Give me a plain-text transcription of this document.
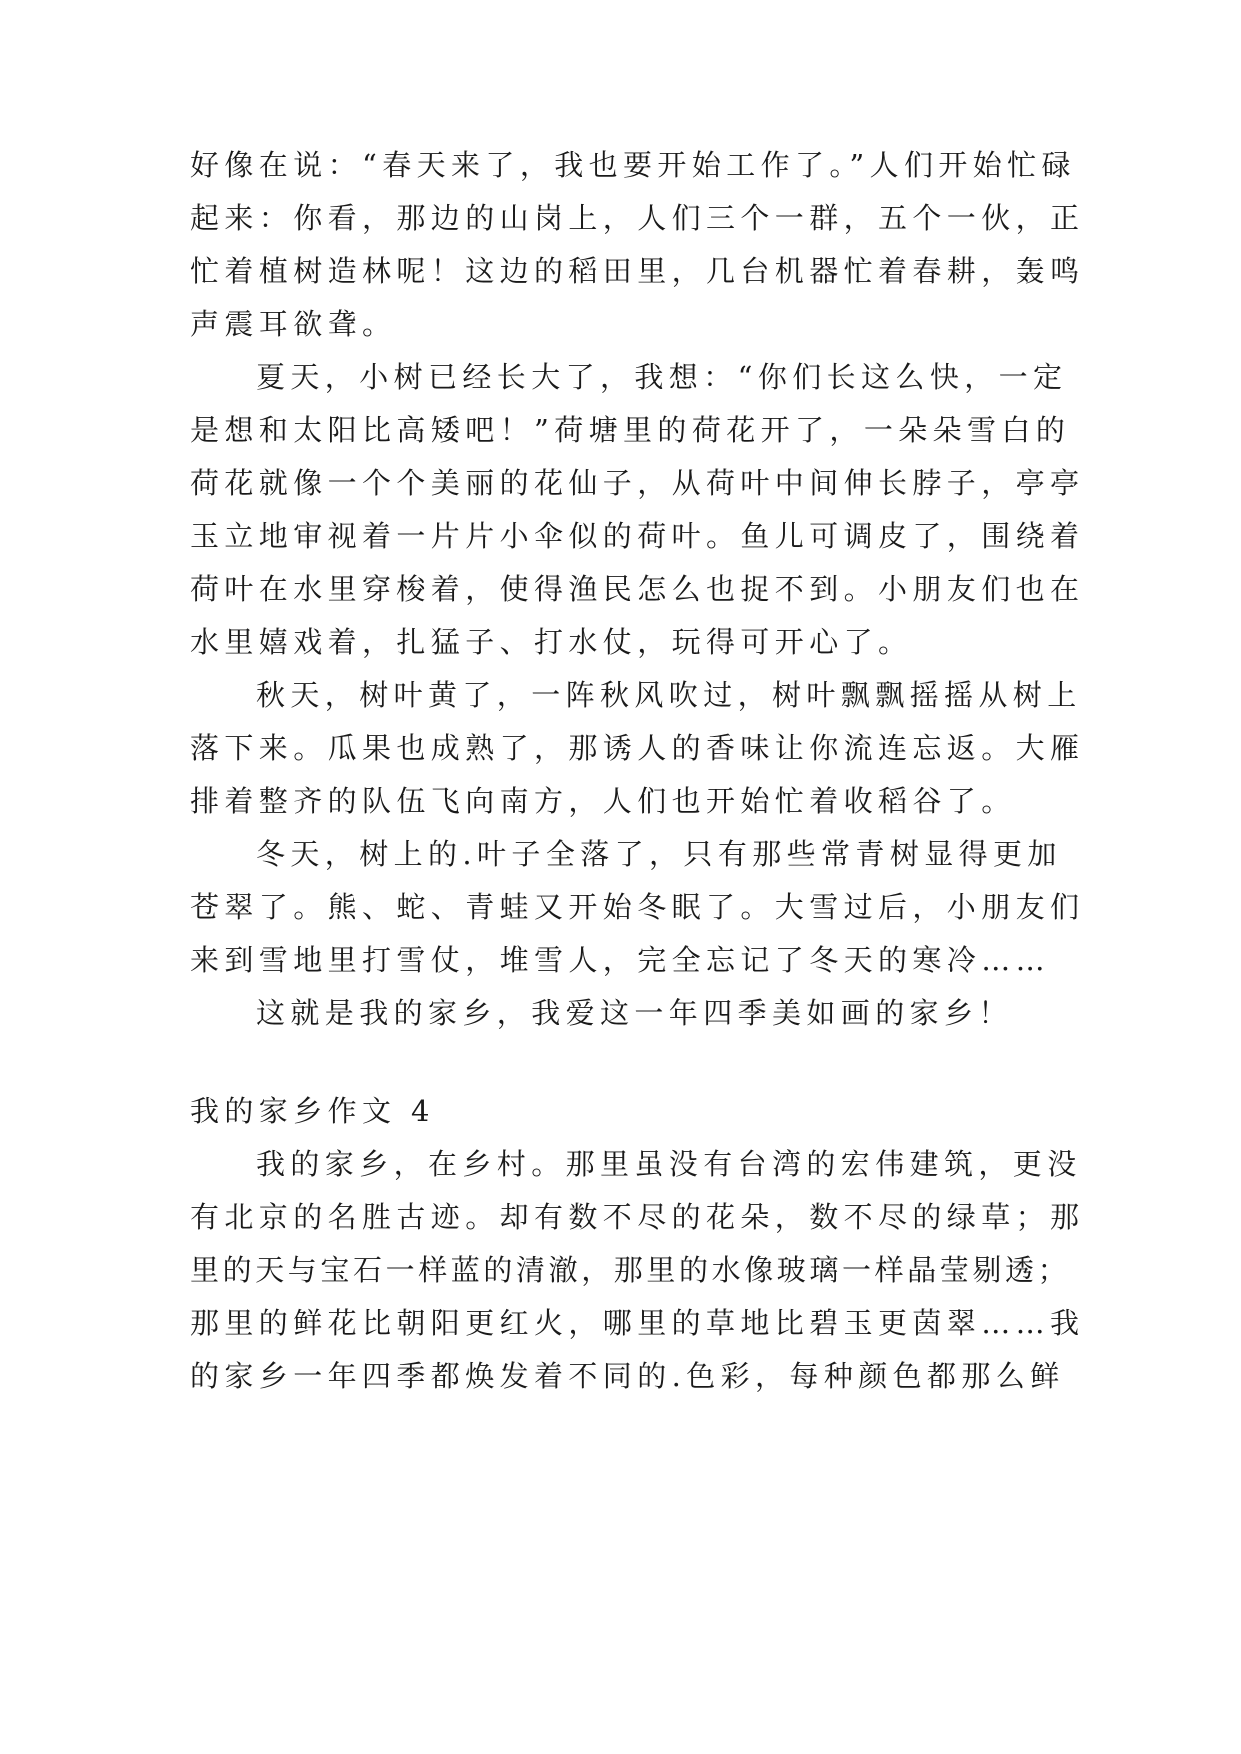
好像在说：“春天来了，我也要开始工作了。”人们开始忙碌
起来：你看，那边的山岗上，人们三个一群，五个一伙，正
忙着植树造林呢！这边的稻田里，几台机器忙着春耕，轰鸣
声震耳欲聋。
夏天，小树已经长大了，我想：“你们长这么快，一定
是想和太阳比高矮吧！”荷塘里的荷花开了，一朵朵雪白的
荷花就像一个个美丽的花仙子，从荷叶中间伸长脖子，亭亭
玉立地审视着一片片小伞似的荷叶。鱼儿可调皮了，围绕着
荷叶在水里穿梭着，使得渔民怎么也捉不到。小朋友们也在
水里嬉戏着，扎猛子、打水仗，玩得可开心了。
秋天，树叶黄了，一阵秋风吹过，树叶飘飘摇摇从树上
落下来。瓜果也成熟了，那诱人的香味让你流连忘返。大雁
排着整齐的队伍飞向南方，人们也开始忙着收稻谷了。
冬天，树上的.叶子全落了，只有那些常青树显得更加
苍翠了。熊、蛇、青蛙又开始冬眠了。大雪过后，小朋友们
来到雪地里打雪仗，堆雪人，完全忘记了冬天的寒冷……
这就是我的家乡，我爱这一年四季美如画的家乡！
我的家乡作文 4
我的家乡，在乡村。那里虽没有台湾的宏伟建筑，更没
有北京的名胜古迹。却有数不尽的花朵，数不尽的绿草；那
里的天与宝石一样蓝的清澈，那里的水像玻璃一样晶莹剔透；
那里的鲜花比朝阳更红火，哪里的草地比碧玉更茵翠……我
的家乡一年四季都焕发着不同的.色彩，每种颜色都那么鲜
